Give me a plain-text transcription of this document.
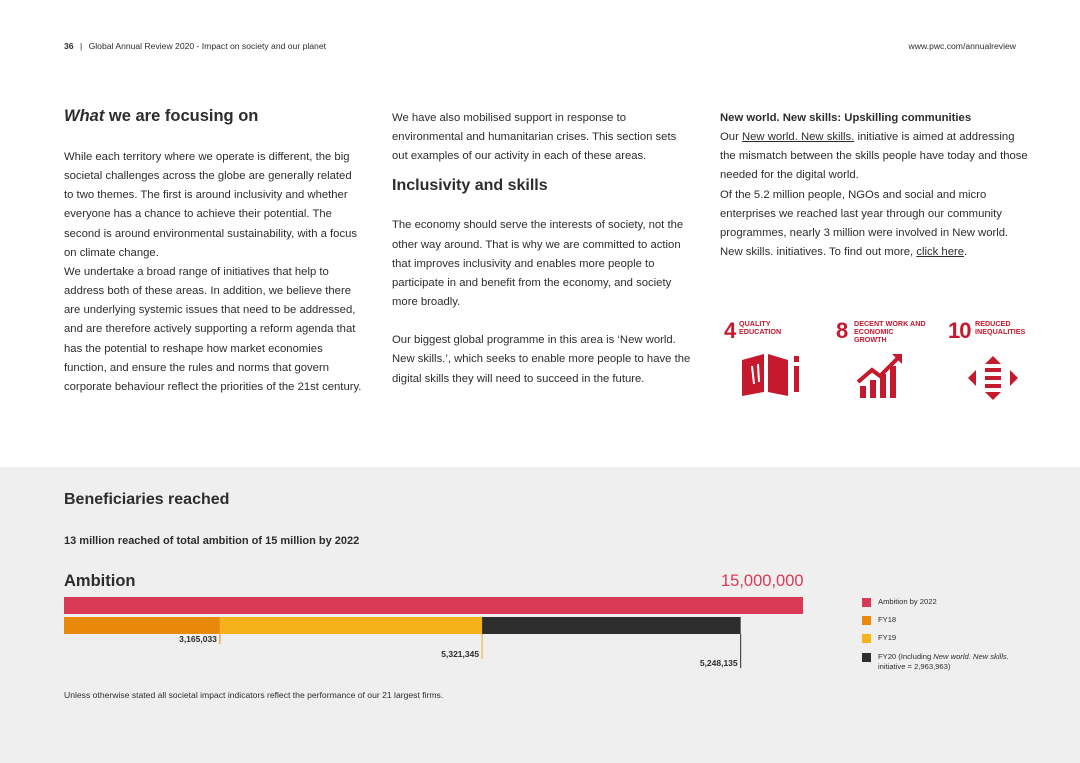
36 | Global Annual Review 2020 - Impact on society and our planet	www.pwc.com/annualreview
What we are focusing on
While each territory where we operate is different, the big societal challenges across the globe are generally related to two themes. The first is around inclusivity and whether everyone has a chance to achieve their potential. The second is around environmental sustainability, with a focus on climate change.
We undertake a broad range of initiatives that help to address both of these areas. In addition, we believe there are underlying systemic issues that need to be addressed, and are therefore actively supporting a reform agenda that has the potential to reshape how market economies function, and ensure the rules and norms that govern corporate behaviour reflect the priorities of the 21st century.
We have also mobilised support in response to environmental and humanitarian crises. This section sets out examples of our activity in each of these areas.
Inclusivity and skills
The economy should serve the interests of society, not the other way around. That is why we are committed to action that improves inclusivity and enables more people to participate in and benefit from the economy, and society more broadly.
Our biggest global programme in this area is ‘New world. New skills.’, which seeks to enable more people to have the digital skills they will need to succeed in the future.
New world. New skills: Upskilling communities
Our New world. New skills. initiative is aimed at addressing the mismatch between the skills people have today and those needed for the digital world.
Of the 5.2 million people, NGOs and social and micro enterprises we reached last year through our community programmes, nearly 3 million were involved in New world. New skills. initiatives. To find out more, click here.
4 QUALITY
EDUCATION 8 DECENT WORK AND
ECONOMIC GROWTH	10 REDUCED
INEQUALITIES
Beneficiaries reached
13 million reached of total ambition of 15 million by 2022
Ambition	15,000,000
3,165,033
5,321,345
5,248,135
Ambition by 2022
FY18
FY19
FY20 (Including New world. New skills. initiative = 2,963,963)
Unless otherwise stated all societal impact indicators reflect the performance of our 21 largest firms.
